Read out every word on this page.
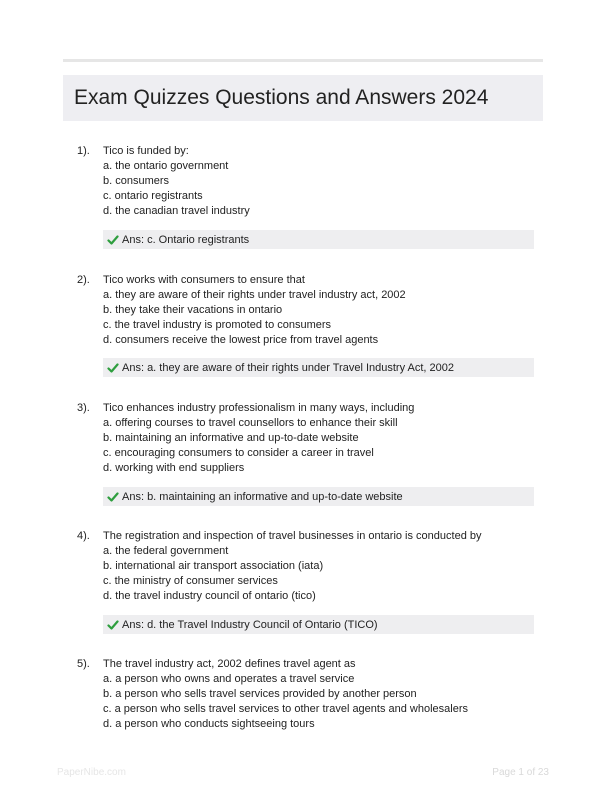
Exam Quizzes Questions and Answers 2024
1). Tico is funded by:
a. the ontario government
b. consumers
c. ontario registrants
d. the canadian travel industry
Ans: c. Ontario registrants
2). Tico works with consumers to ensure that
a. they are aware of their rights under travel industry act, 2002
b. they take their vacations in ontario
c. the travel industry is promoted to consumers
d. consumers receive the lowest price from travel agents
Ans: a. they are aware of their rights under Travel Industry Act, 2002
3). Tico enhances industry professionalism in many ways, including
a. offering courses to travel counsellors to enhance their skill
b. maintaining an informative and up-to-date website
c. encouraging consumers to consider a career in travel
d. working with end suppliers
Ans: b. maintaining an informative and up-to-date website
4). The registration and inspection of travel businesses in ontario is conducted by
a. the federal government
b. international air transport association (iata)
c. the ministry of consumer services
d. the travel industry council of ontario (tico)
Ans: d. the Travel Industry Council of Ontario (TICO)
5). The travel industry act, 2002 defines travel agent as
a. a person who owns and operates a travel service
b. a person who sells travel services provided by another person
c. a person who sells travel services to other travel agents and wholesalers
d. a person who conducts sightseeing tours
PaperNibe.com	Page 1 of 23
